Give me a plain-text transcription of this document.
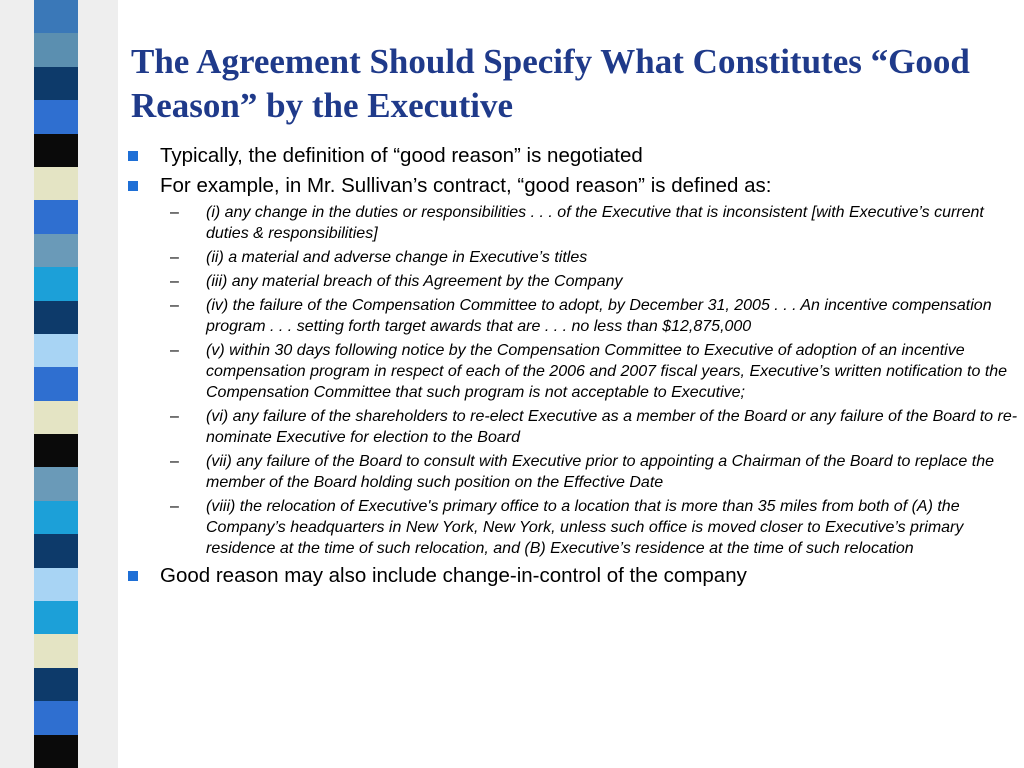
The Agreement Should Specify What Constitutes “Good Reason” by the Executive
Typically, the definition of “good reason” is negotiated
For example, in Mr. Sullivan’s contract, “good reason” is defined as:
– (i) any change in the duties or responsibilities . . . of the Executive that is inconsistent [with Executive’s current duties & responsibilities]
– (ii) a material and adverse change in Executive’s titles
– (iii) any material breach of this Agreement by the Company
– (iv) the failure of the Compensation Committee to adopt, by December 31, 2005 . . . An incentive compensation program . . . setting forth target awards that are . . . no less than $12,875,000
– (v) within 30 days following notice by the Compensation Committee to Executive of adoption of an incentive compensation program in respect of each of the 2006 and 2007 fiscal years, Executive’s written notification to the Compensation Committee that such program is not acceptable to Executive;
– (vi) any failure of the shareholders to re-elect Executive as a member of the Board or any failure of the Board to re-nominate Executive for election to the Board
– (vii) any failure of the Board to consult with Executive prior to appointing a Chairman of the Board to replace the member of the Board holding such position on the Effective Date
– (viii) the relocation of Executive's primary office to a location that is more than 35 miles from both of (A) the Company’s headquarters in New York, New York, unless such office is moved closer to Executive’s primary residence at the time of such relocation, and (B) Executive’s residence at the time of such relocation
Good reason may also include change-in-control of the company
